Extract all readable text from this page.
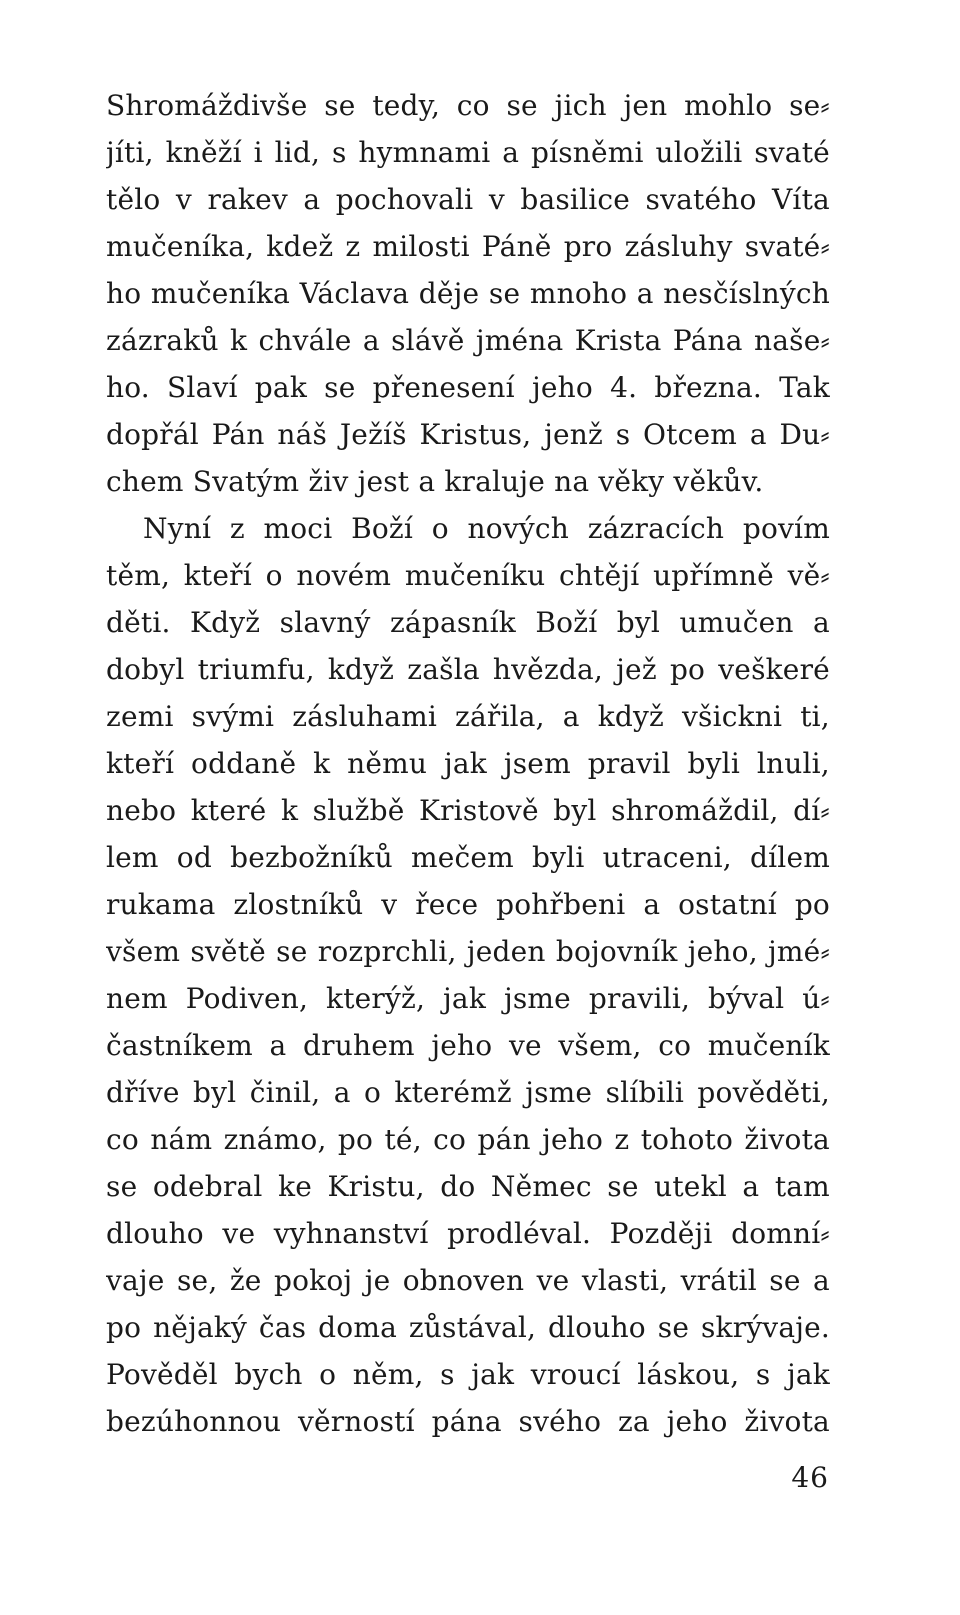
Shromáždivše se tedy, co se jich jen mohlo se⸗
jíti, kněží i lid, s hymnami a písněmi uložili svaté
tělo v rakev a pochovali v basilice svatého Víta
mučeníka, kdež z milosti Páně pro zásluhy svaté⸗
ho mučeníka Václava děje se mnoho a nesčíslných
zázraků k chvále a slávě jména Krista Pána naše⸗
ho. Slaví pak se přenesení jeho 4. března. Tak
dopřál Pán náš Ježíš Kristus, jenž s Otcem a Du⸗
chem Svatým živ jest a kraluje na věky věkův.
Nyní z moci Boží o nových zázracích povím
těm, kteří o novém mučeníku chtějí upřímně vě⸗
děti. Když slavný zápasník Boží byl umučen a
dobyl triumfu, když zašla hvězda, jež po veškeré
zemi svými zásluhami zářila, a když všickni ti,
kteří oddaně k němu jak jsem pravil byli lnuli,
nebo které k službě Kristově byl shromáždil, dí⸗
lem od bezbožníků mečem byli utraceni, dílem
rukama zlostníků v řece pohřbeni a ostatní po
všem světě se rozprchli, jeden bojovník jeho, jmé⸗
nem Podiven, kterýž, jak jsme pravili, býval ú⸗
častníkem a druhem jeho ve všem, co mučeník
dříve byl činil, a o kterémž jsme slíbili pověděti,
co nám známo, po té, co pán jeho z tohoto života
se odebral ke Kristu, do Němec se utekl a tam
dlouho ve vyhnanství prodléval. Později domní⸗
vaje se, že pokoj je obnoven ve vlasti, vrátil se a
po nějaký čas doma zůstával, dlouho se skrývaje.
Pověděl bych o něm, s jak vroucí láskou, s jak
bezúhonnou věrností pána svého za jeho života
46
